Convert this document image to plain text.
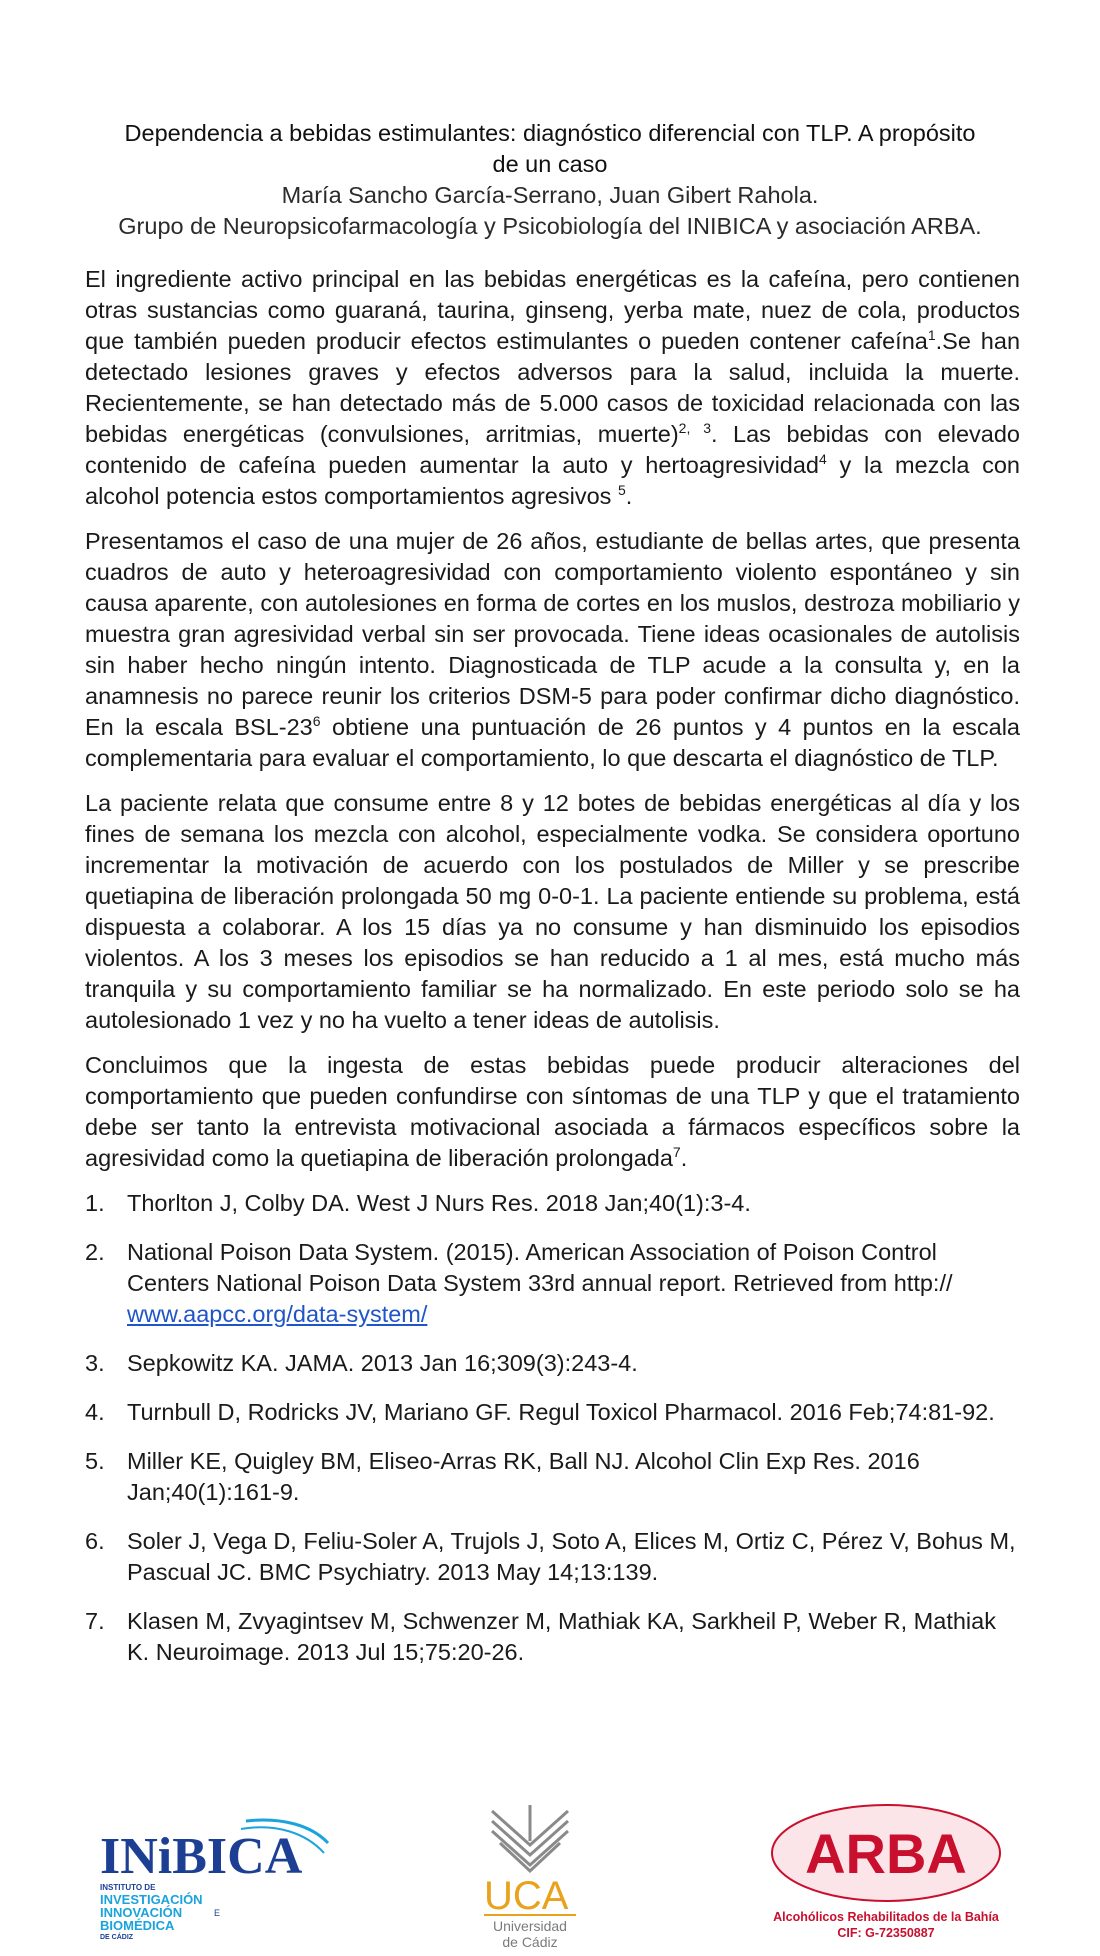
Dependencia a bebidas estimulantes: diagnóstico diferencial con TLP. A propósito
de un caso
María Sancho García-Serrano, Juan Gibert Rahola.
Grupo de Neuropsicofarmacología y Psicobiología del INIBICA y asociación ARBA.

El ingrediente activo principal en las bebidas energéticas es la cafeína, pero contienen otras sustancias como guaraná, taurina, ginseng, yerba mate, nuez de cola, productos que también pueden producir efectos estimulantes o pueden contener cafeína$^1$.Se han detectado lesiones graves y efectos adversos para la salud, incluida la muerte. Recientemente, se han detectado más de 5.000 casos de toxicidad relacionada con las bebidas energéticas (convulsiones, arritmias, muerte)$^{2, 3}$. Las bebidas con elevado contenido de cafeína pueden aumentar la auto y hertoagresividad$^4$ y la mezcla con alcohol potencia estos comportamientos agresivos $^5$.

Presentamos el caso de una mujer de 26 años, estudiante de bellas artes, que presenta cuadros de auto y heteroagresividad con comportamiento violento espontáneo y sin causa aparente, con autolesiones en forma de cortes en los muslos, destroza mobiliario y muestra gran agresividad verbal sin ser provocada. Tiene ideas ocasionales de autolisis sin haber hecho ningún intento. Diagnosticada de TLP acude a la consulta y, en la anamnesis no parece reunir los criterios DSM-5 para poder confirmar dicho diagnóstico. En la escala BSL-$23^6$ obtiene una puntuación de 26 puntos y 4 puntos en la escala complementaria para evaluar el comportamiento, lo que descarta el diagnóstico de TLP.

La paciente relata que consume entre 8 y 12 botes de bebidas energéticas al día y los fines de semana los mezcla con alcohol, especialmente vodka. Se considera oportuno incrementar la motivación de acuerdo con los postulados de Miller y se prescribe quetiapina de liberación prolongada 50 mg 0-0-1. La paciente entiende su problema, está dispuesta a colaborar. A los 15 días ya no consume y han disminuido los episodios violentos. A los 3 meses los episodios se han reducido a 1 al mes, está mucho más tranquila y su comportamiento familiar se ha normalizado. En este periodo solo se ha autolesionado 1 vez y no ha vuelto a tener ideas de autolisis.

Concluimos que la ingesta de estas bebidas puede producir alteraciones del comportamiento que pueden confundirse con síntomas de una TLP y que el tratamiento debe ser tanto la entrevista motivacional asociada a fármacos específicos sobre la agresividad como la quetiapina de liberación prolongada$^7$.

1. Thorlton J, Colby DA. West J Nurs Res. 2018 Jan;40(1):3-4.
2. National Poison Data System. (2015). American Association of Poison Control Centers National Poison Data System 33rd annual report. Retrieved from http:// www.aapcc.org/data-system/
3. Sepkowitz KA. JAMA. 2013 Jan 16;309(3):243-4.
4. Turnbull D, Rodricks JV, Mariano GF. Regul Toxicol Pharmacol. 2016 Feb;74:81-92.
5. Miller KE, Quigley BM, Eliseo-Arras RK, Ball NJ. Alcohol Clin Exp Res. 2016 Jan;40(1):161-9.
6. Soler J, Vega D, Feliu-Soler A, Trujols J, Soto A, Elices M, Ortiz C, Pérez V, Bohus M, Pascual JC. BMC Psychiatry. 2013 May 14;13:139.
7. Klasen M, Zvyagintsev M, Schwenzer M, Mathiak KA, Sarkheil P, Weber R, Mathiak K. Neuroimage. 2013 Jul 15;75:20-26.
INiBICA
INSTITUTO DE
INVESTIGACIÓN
INNOVACIÓN	E
BIOMÉDICA
DE CÁDIZ
UCA
Universidad
de Cádiz
ARBA
Alcohólicos Rehabilitados de la Bahía
CIF: G-72350887
